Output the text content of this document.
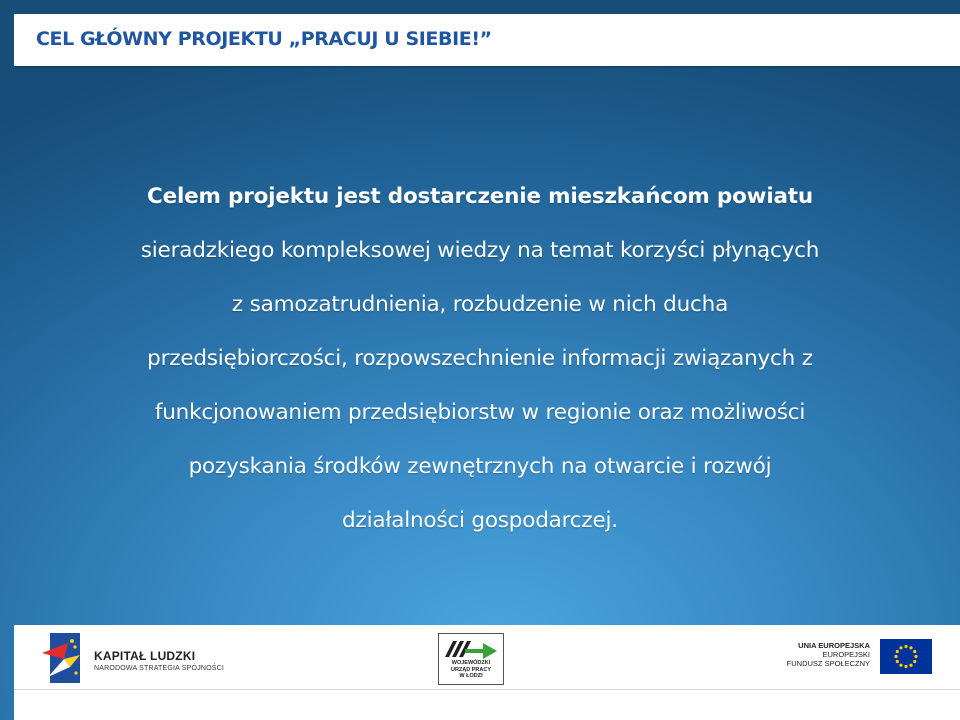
CEL GŁÓWNY PROJEKTU „PRACUJ U SIEBIE!”

Celem projektu jest dostarczenie mieszkańcom powiatu
sieradzkiego kompleksowej wiedzy na temat korzyści płynących
z samozatrudnienia, rozbudzenie w nich ducha
przedsiębiorczości, rozpowszechnienie informacji związanych z
funkcjonowaniem przedsiębiorstw w regionie oraz możliwości
pozyskania środków zewnętrznych na otwarcie i rozwój
działalności gospodarczej.

KAPITAŁ LUDZKI
NARODOWA STRATEGIA SPÓJNOŚCI
WOJEWÓDZKI
URZĄD PRACY
W ŁODZI
UNIA EUROPEJSKA
EUROPEJSKI
FUNDUSZ SPOŁECZNY
